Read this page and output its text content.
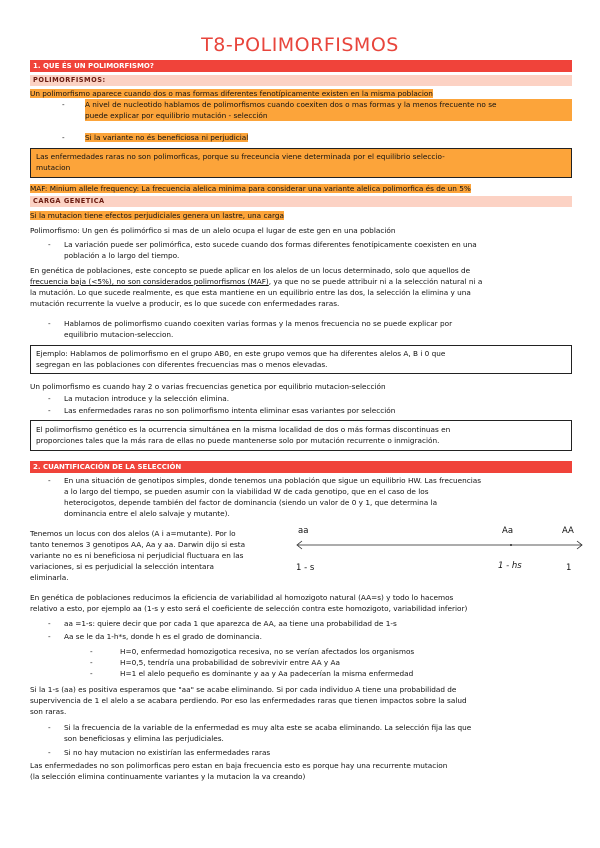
T8-POLIMORFISMOS
1. QUE ÉS UN POLIMORFISMO?
POLIMORFISMOS:
Un polimorfismo aparece cuando dos o mas formas diferentes fenotípicamente existen en la misma poblacion
-	A nivel de nucleotido hablamos de polimorfismos cuando coexiten dos o mas formas y la menos frecuente no se
puede explicar por equilibrio mutación - selección
-	Si la variante no és beneficiosa ni perjudicial
Las enfermedades raras no son polimorficas, porque su freceuncia viene determinada por el equilibrio seleccio-
mutacion
MAF: Minium allele frequency: La frecuencia alelica minima para considerar una variante alelica polimorfica és de un 5%
CARGA GENETICA
Si la mutacion tiene efectos perjudiciales genera un lastre, una carga
Polimorfismo: Un gen és polimórfico si mas de un alelo ocupa el lugar de este gen en una población
- La variación puede ser polimórfica, esto sucede cuando dos formas diferentes fenotípicamente coexisten en una
población a lo largo del tiempo.
En genética de poblaciones, este concepto se puede aplicar en los alelos de un locus determinado, solo que aquellos de
frecuencia baja (<5%), no son considerados polimorfismos (MAF), ya que no se puede attribuir ni a la selección natural ni a
la mutación. Lo que sucede realmente, es que esta mantiene en un equilibrio entre las dos, la selección la elimina y una
mutación recurrente la vuelve a producir, es lo que sucede con enfermedades raras.
- Hablamos de polimorfismo cuando coexiten varias formas y la menos frecuencia no se puede explicar por
equilibrio mutacion-seleccion.
Ejemplo: Hablamos de polimorfismo en el grupo AB0, en este grupo vemos que ha diferentes alelos A, B i 0 que
segregan en las poblaciones con diferentes frecuencias mas o menos elevadas.
Un polimorfismo es cuando hay 2 o varias frecuencias genetica por equilibrio mutacion-selección
- La mutacion introduce y la selección elimina.
- Las enfermedades raras no son polimorfismo intenta eliminar esas variantes por selección
El polimorfismo genético es la ocurrencia simultánea en la misma localidad de dos o más formas discontinuas en
proporciones tales que la más rara de ellas no puede mantenerse solo por mutación recurrente o inmigración.
2. CUANTIFICACIÓN DE LA SELECCIÓN
- En una situación de genotipos simples, donde tenemos una población que sigue un equilibrio HW. Las frecuencias
a lo largo del tiempo, se pueden asumir con la viabilidad W de cada genotipo, que en el caso de los
heterocigotos, depende también del factor de dominancia (siendo un valor de 0 y 1, que determina la
dominancia entre el alelo salvaje y mutante).
Tenemos un locus con dos alelos (A i a=mutante). Por lo
tanto tenemos 3 genotipos AA, Aa y aa. Darwin dijo si esta
variante no es ni beneficiosa ni perjudicial fluctuara en las
variaciones, si es perjudicial la selección intentara
eliminarla.
aa	Aa	AA
1 - s	1 - hs	1
En genética de poblaciones reducimos la eficiencia de variabilidad al homozigoto natural (AA=s) y todo lo hacemos
relativo a esto, por ejemplo aa (1-s y esto será el coeficiente de selección contra este homozigoto, variabilidad inferior)
- aa =1-s: quiere decir que por cada 1 que aparezca de AA, aa tiene una probabilidad de 1-s
- Aa se le da 1-h*s, donde h es el grado de dominancia.
-	H=0, enfermedad homozigotica recesiva, no se verían afectados los organismos
-	H=0,5, tendría una probabilidad de sobrevivir entre AA y Aa
-	H=1 el alelo pequeño es dominante y aa y Aa padecerían la misma enfermedad
Si la 1-s (aa) es positiva esperamos que "aa" se acabe eliminando. Si por cada individuo A tiene una probabilidad de
supervivencia de 1 el alelo a se acabara perdiendo. Por eso las enfermedades raras que tienen impactos sobre la salud
son raras.
- Si la frecuencia de la variable de la enfermedad es muy alta este se acaba eliminando. La selección fija las que
son beneficiosas y elimina las perjudiciales.
- Si no hay mutacion no existirían las enfermedades raras
Las enfermedades no son polimorficas pero estan en baja frecuencia esto es porque hay una recurrente mutacion
(la selección elimina continuamente variantes y la mutacion la va creando)
